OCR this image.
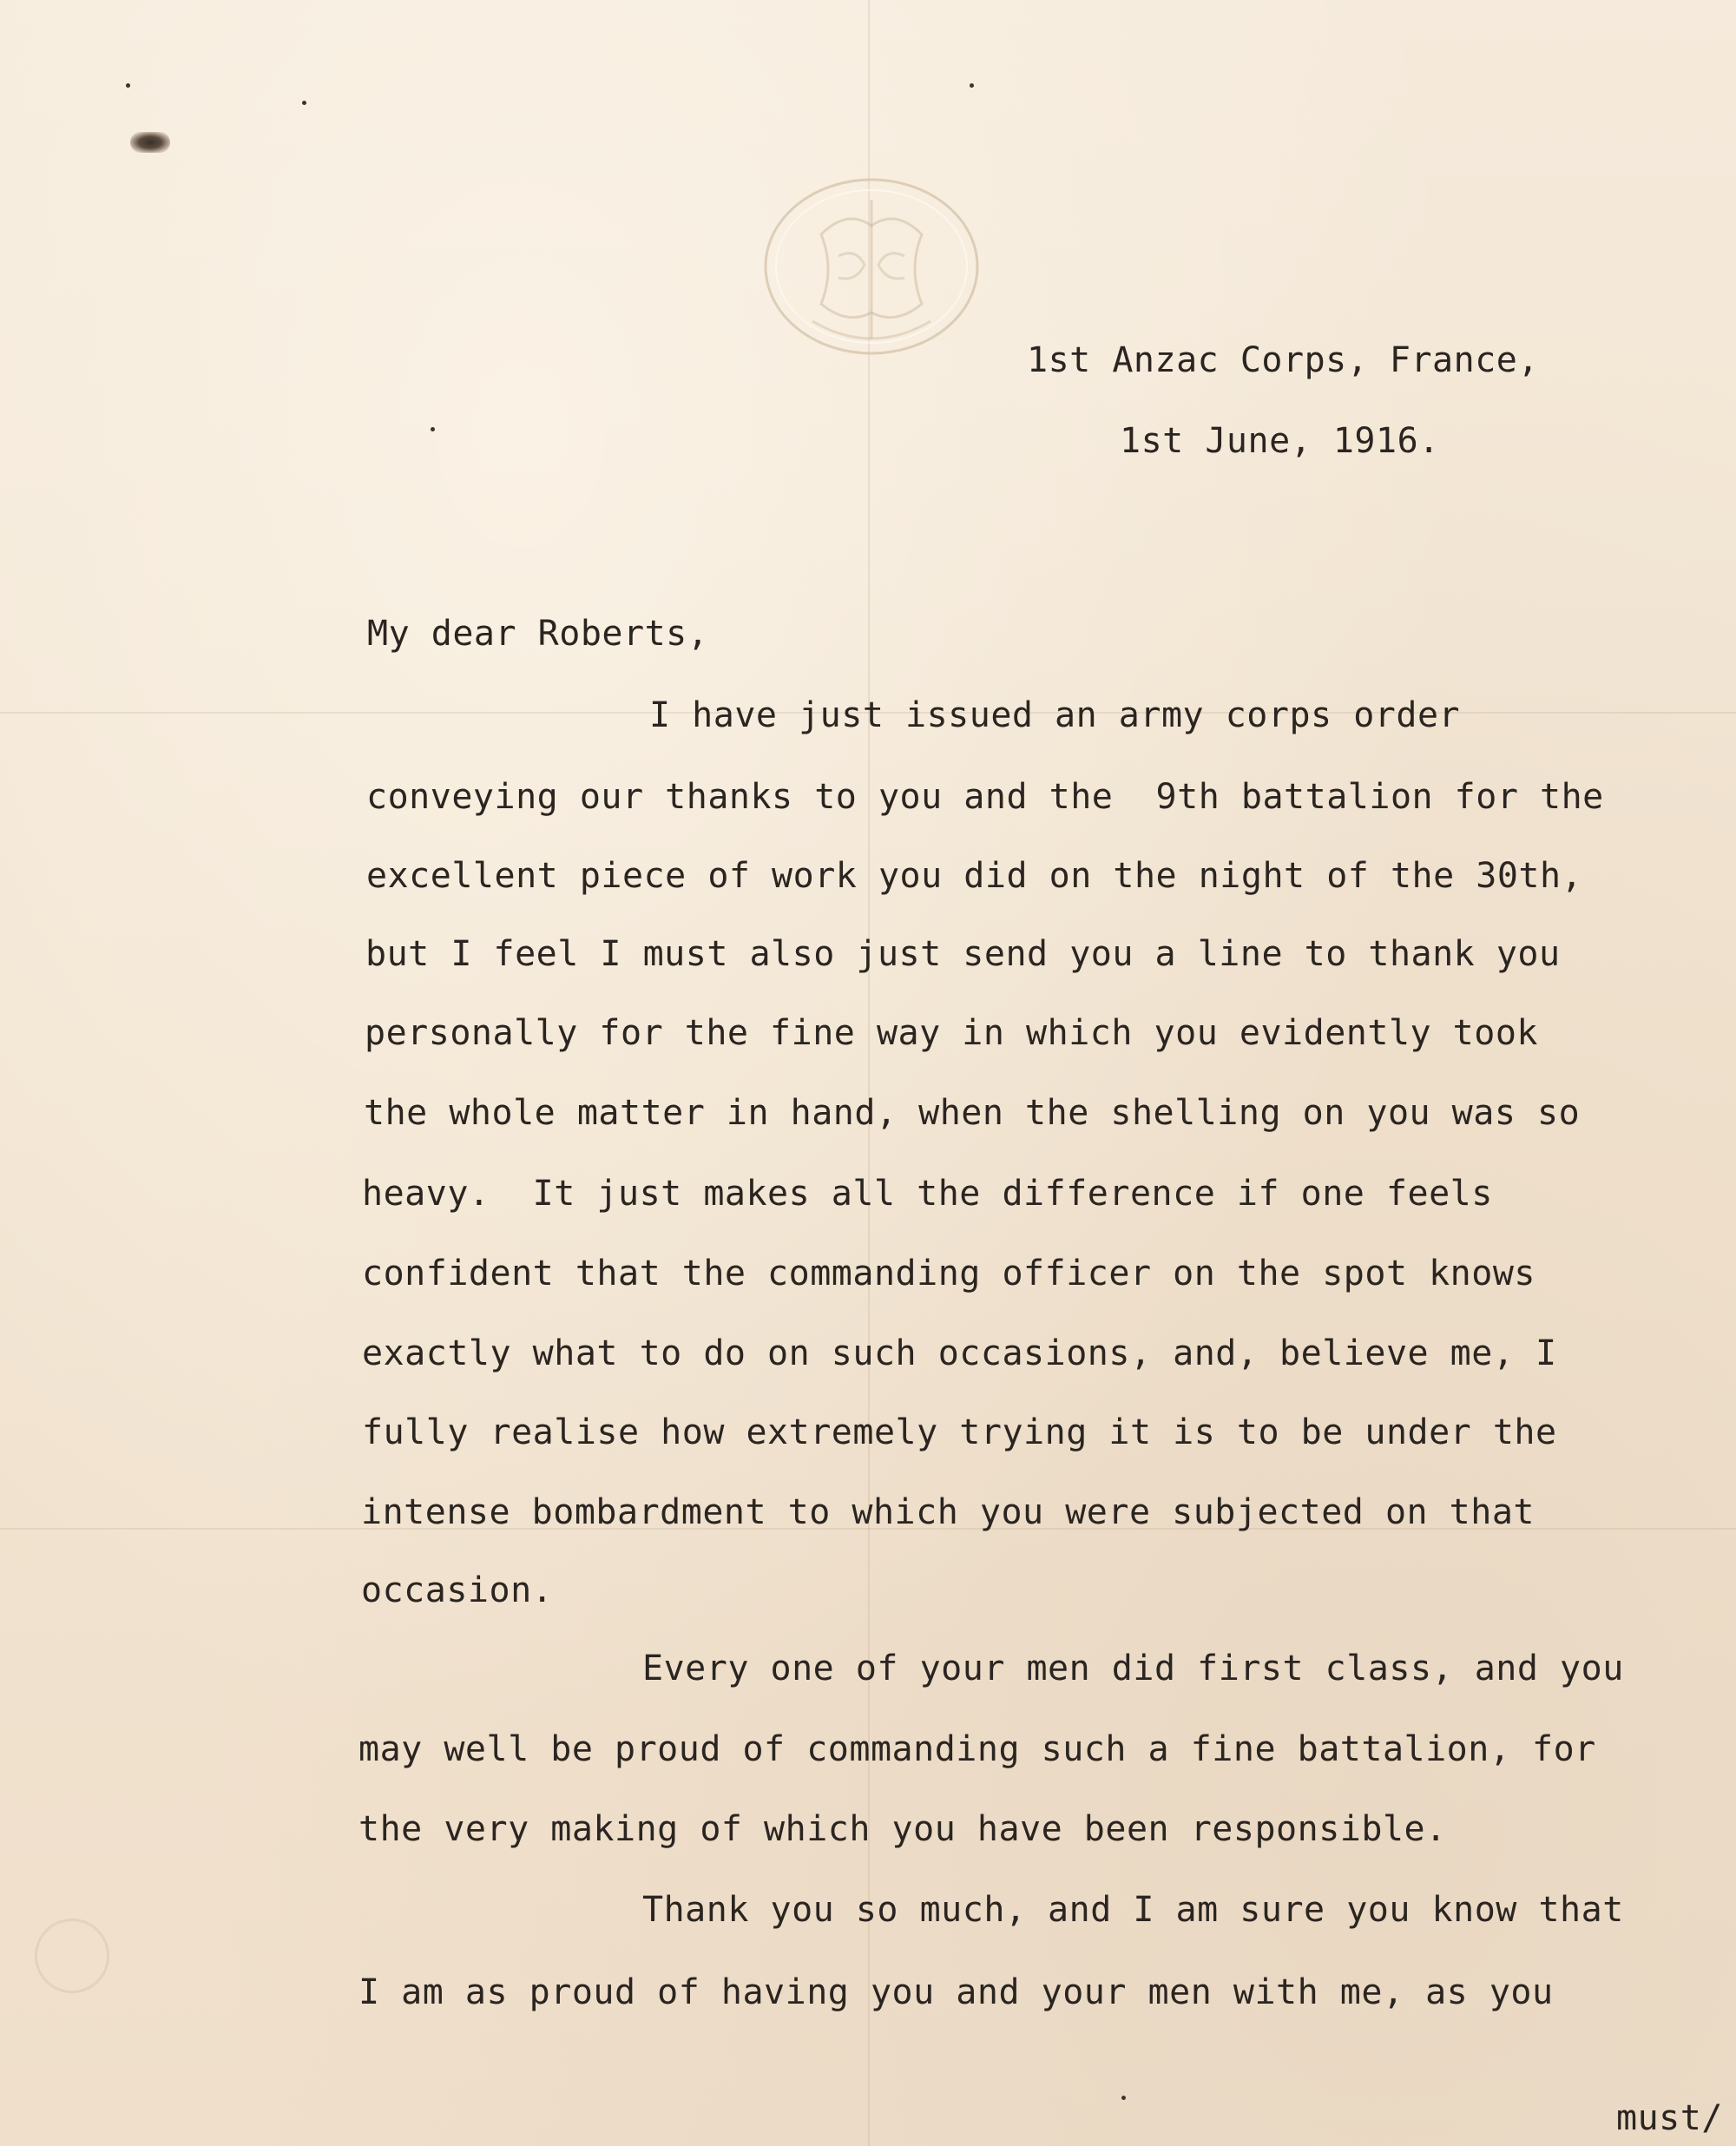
1st Anzac Corps, France,

1st June, 1916.

My dear Roberts,

I have just issued an army corps order

conveying our thanks to you and the  9th battalion for the

excellent piece of work you did on the night of the 30th,

but I feel I must also just send you a line to thank you

personally for the fine way in which you evidently took

the whole matter in hand, when the shelling on you was so

heavy.  It just makes all the difference if one feels

confident that the commanding officer on the spot knows

exactly what to do on such occasions, and, believe me, I

fully realise how extremely trying it is to be under the

intense bombardment to which you were subjected on that

occasion.

Every one of your men did first class, and you

may well be proud of commanding such a fine battalion, for

the very making of which you have been responsible.

Thank you so much, and I am sure you know that

I am as proud of having you and your men with me, as you

must/
